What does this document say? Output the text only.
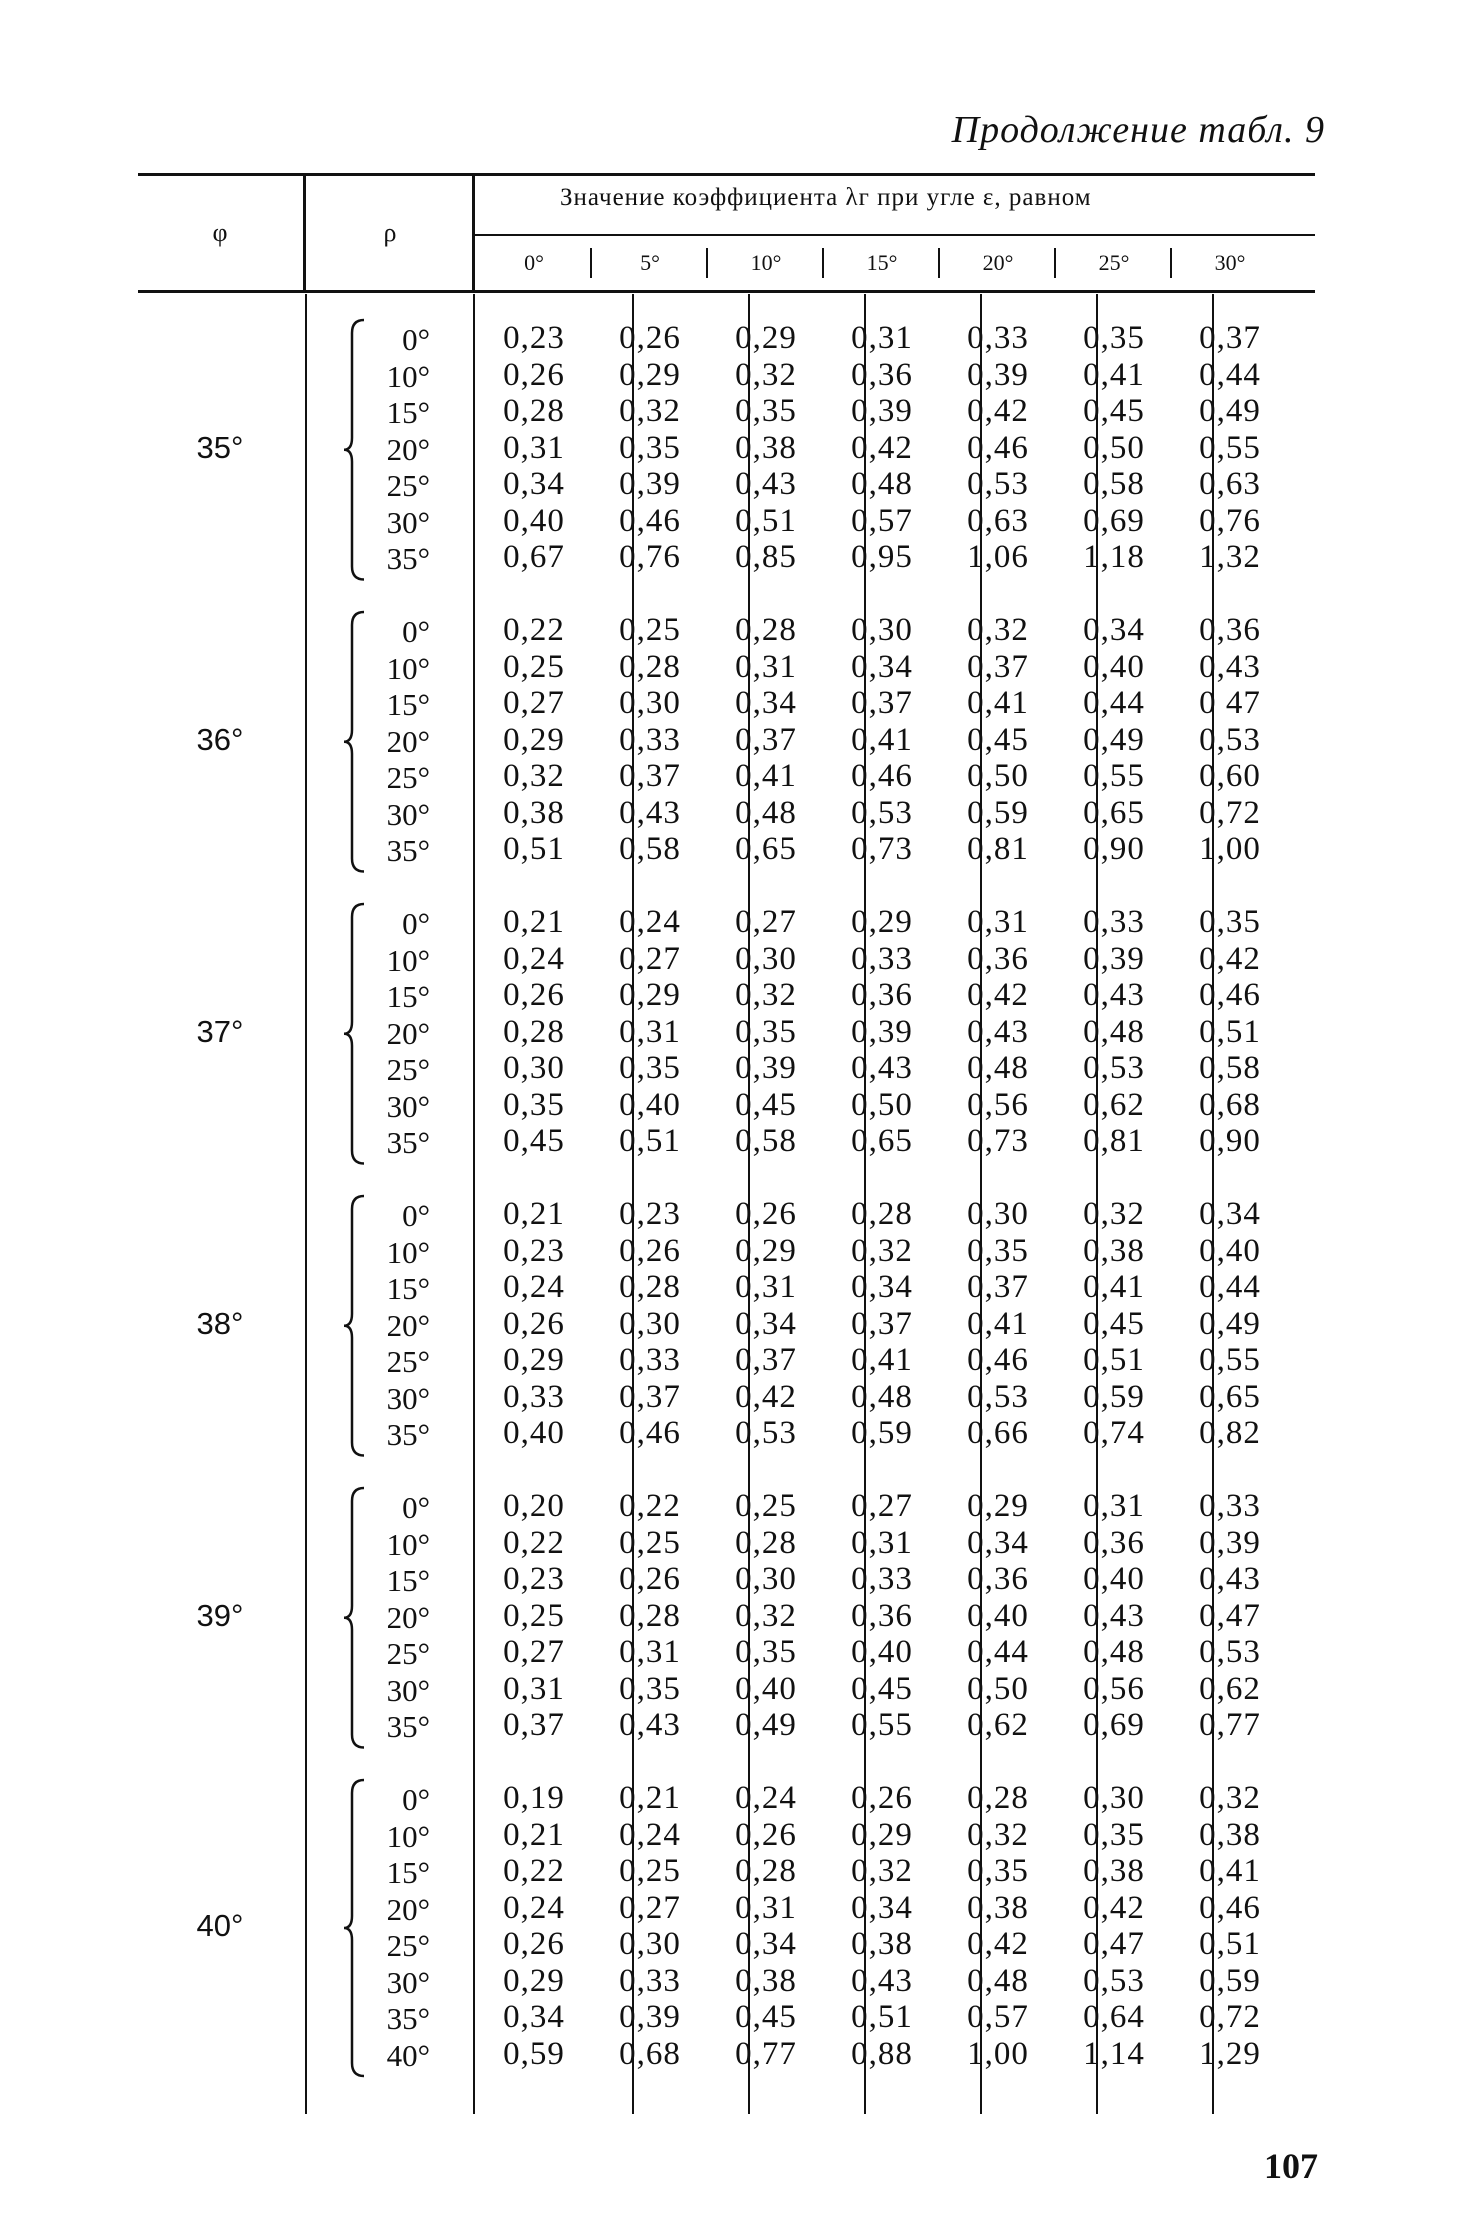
Продолжение табл. 9
φ	ρ
Значение коэффициента λг при угле ε, равном
0°	5°	10°	15°	20°	25°	30°
35°
0°	0,23	0,26	0,29	0,31	0,33	0,35	0,37
10°	0,26	0,29	0,32	0,36	0,39	0,41	0,44
15°	0,28	0,32	0,35	0,39	0,42	0,45	0,49
20°	0,31	0,35	0,38	0,42	0,46	0,50	0,55
25°	0,34	0,39	0,43	0,48	0,53	0,58	0,63
30°	0,40	0,46	0,51	0,57	0,63	0,69	0,76
35°	0,67	0,76	0,85	0,95	1,06	1,18	1,32
36°
0°	0,22	0,25	0,28	0,30	0,32	0,34	0,36
10°	0,25	0,28	0,31	0,34	0,37	0,40	0,43
15°	0,27	0,30	0,34	0,37	0,41	0,44	0 47
20°	0,29	0,33	0,37	0,41	0,45	0,49	0,53
25°	0,32	0,37	0,41	0,46	0,50	0,55	0,60
30°	0,38	0,43	0,48	0,53	0,59	0,65	0,72
35°	0,51	0,58	0,65	0,73	0,81	0,90	1,00
37°
0°	0,21	0,24	0,27	0,29	0,31	0,33	0,35
10°	0,24	0,27	0,30	0,33	0,36	0,39	0,42
15°	0,26	0,29	0,32	0,36	0,42	0,43	0,46
20°	0,28	0,31	0,35	0,39	0,43	0,48	0,51
25°	0,30	0,35	0,39	0,43	0,48	0,53	0,58
30°	0,35	0,40	0,45	0,50	0,56	0,62	0,68
35°	0,45	0,51	0,58	0,65	0,73	0,81	0,90
38°
0°	0,21	0,23	0,26	0,28	0,30	0,32	0,34
10°	0,23	0,26	0,29	0,32	0,35	0,38	0,40
15°	0,24	0,28	0,31	0,34	0,37	0,41	0,44
20°	0,26	0,30	0,34	0,37	0,41	0,45	0,49
25°	0,29	0,33	0,37	0,41	0,46	0,51	0,55
30°	0,33	0,37	0,42	0,48	0,53	0,59	0,65
35°	0,40	0,46	0,53	0,59	0,66	0,74	0,82
39°
0°	0,20	0,22	0,25	0,27	0,29	0,31	0,33
10°	0,22	0,25	0,28	0,31	0,34	0,36	0,39
15°	0,23	0,26	0,30	0,33	0,36	0,40	0,43
20°	0,25	0,28	0,32	0,36	0,40	0,43	0,47
25°	0,27	0,31	0,35	0,40	0,44	0,48	0,53
30°	0,31	0,35	0,40	0,45	0,50	0,56	0,62
35°	0,37	0,43	0,49	0,55	0,62	0,69	0,77
40°
0°	0,19	0,21	0,24	0,26	0,28	0,30	0,32
10°	0,21	0,24	0,26	0,29	0,32	0,35	0,38
15°	0,22	0,25	0,28	0,32	0,35	0,38	0,41
20°	0,24	0,27	0,31	0,34	0,38	0,42	0,46
25°	0,26	0,30	0,34	0,38	0,42	0,47	0,51
30°	0,29	0,33	0,38	0,43	0,48	0,53	0,59
35°	0,34	0,39	0,45	0,51	0,57	0,64	0,72
40°	0,59	0,68	0,77	0,88	1,00	1,14	1,29
107
